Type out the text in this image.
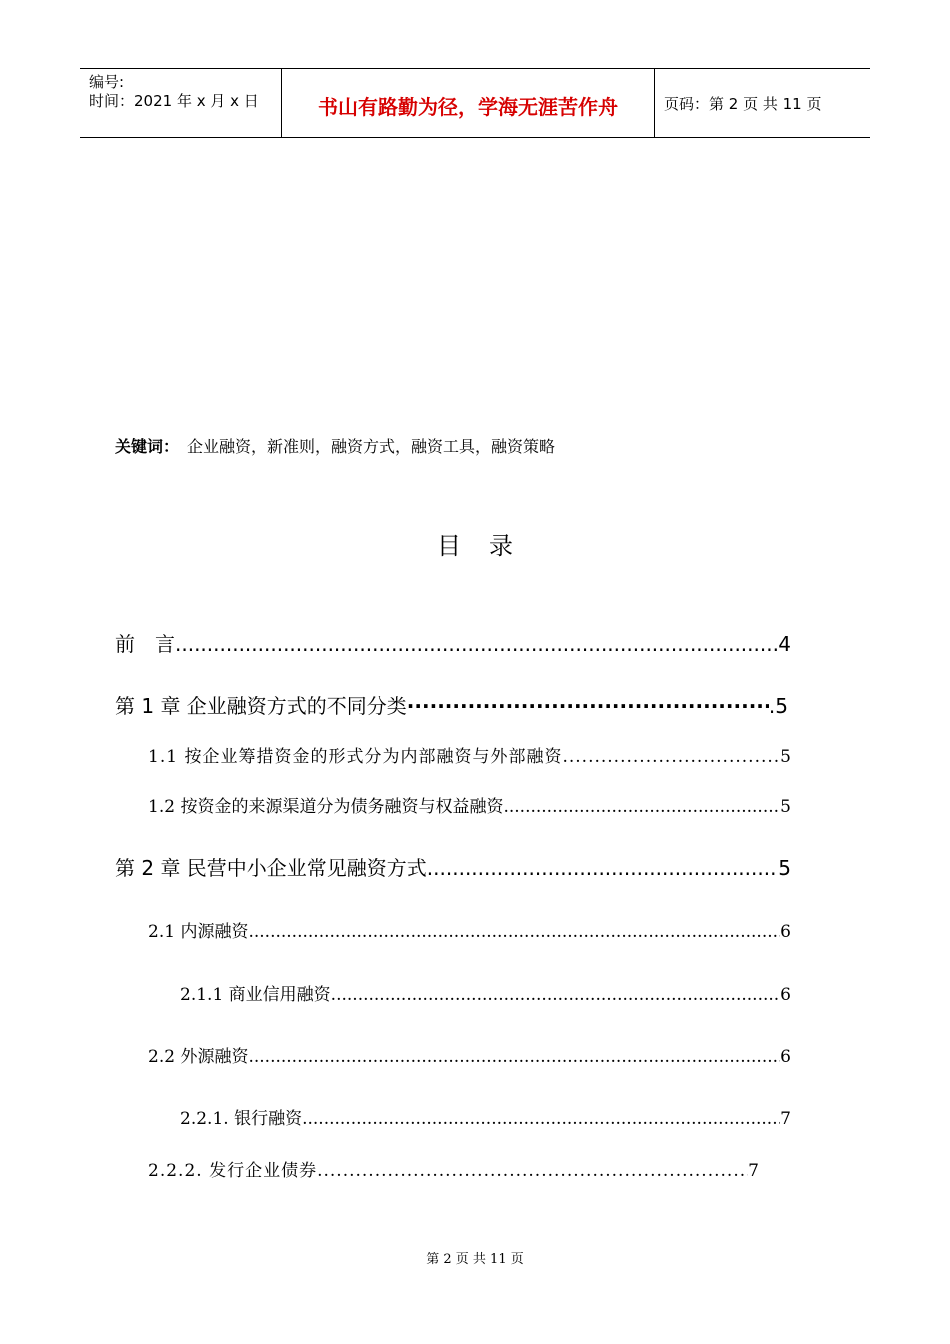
编号:
时间：2021 年 x 月 x 日	书山有路勤为径，学海无涯苦作舟	页码：第 2 页 共 11 页
关键词： 企业融资，新准则，融资方式，融资工具，融资策略
目录
前　言 .....	4
第 1 章 企业融资方式的不同分类 ·····	.5
1.1 按企业筹措资金的形式分为内部融资与外部融资 .....	5
1.2 按资金的来源渠道分为债务融资与权益融资 .....	5
第 2 章 民营中小企业常见融资方式 .....	5
2.1 内源融资 .....	6
2.1.1 商业信用融资 .....	6
2.2 外源融资 .....	6
2.2.1. 银行融资 .....	7
2.2.2. 发行企业债券 .....	7
第 2 页 共 11 页
